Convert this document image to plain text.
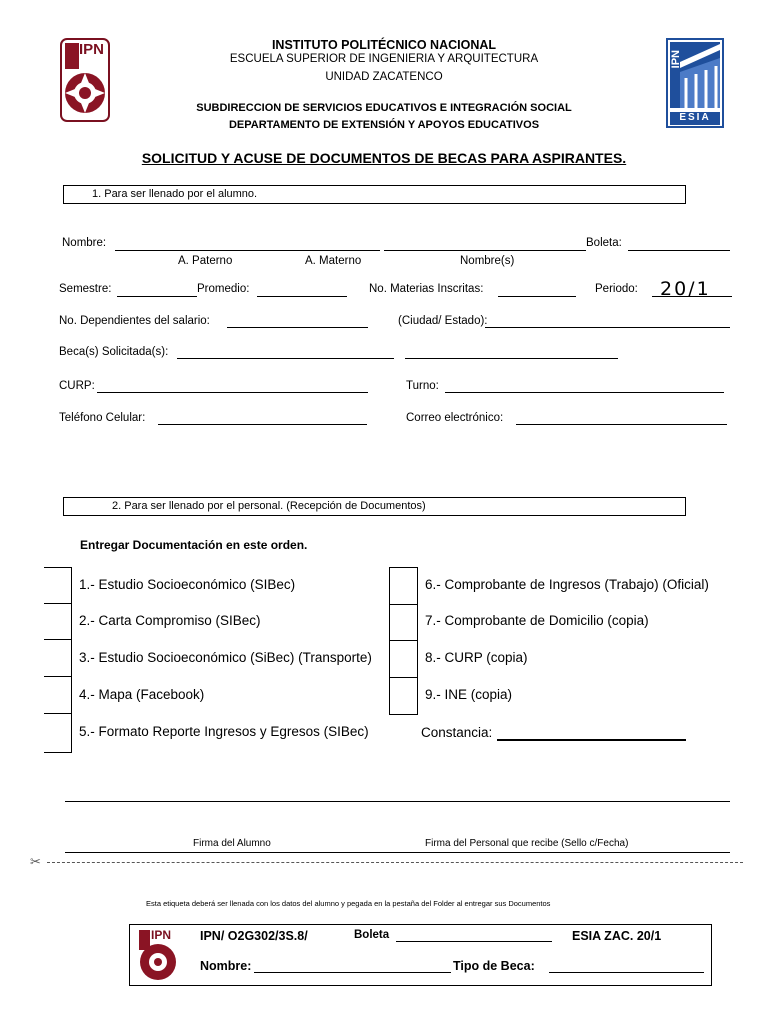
IPN	INSTITUTO POLITÉCNICO NACIONAL
ESCUELA SUPERIOR DE INGENIERIA Y ARQUITECTURA
UNIDAD ZACATENCO
SUBDIRECCION DE SERVICIOS EDUCATIVOS E INTEGRACIÓN SOCIAL
DEPARTAMENTO DE EXTENSIÓN Y APOYOS EDUCATIVOS
IPN
ESIA
SOLICITUD Y ACUSE DE DOCUMENTOS DE BECAS PARA ASPIRANTES.
1. Para ser llenado por el alumno.
Nombre:	Boleta:
A. Paterno	A. Materno	Nombre(s)
Semestre:	Promedio:	No. Materias Inscritas:	Periodo: 20/1
No. Dependientes del salario:	(Ciudad/ Estado):
Beca(s) Solicitada(s):
CURP:	Turno:
Teléfono Celular:	Correo electrónico:
2. Para ser llenado por el personal. (Recepción de Documentos)
Entregar Documentación en este orden.
1.- Estudio Socioeconómico (SIBec)
2.- Carta Compromiso (SIBec)
3.- Estudio Socioeconómico (SiBec) (Transporte)
4.- Mapa (Facebook)
5.- Formato Reporte Ingresos y Egresos (SIBec)
6.- Comprobante de Ingresos (Trabajo) (Oficial)
7.- Comprobante de Domicilio (copia)
8.- CURP (copia)
9.- INE (copia)
Constancia:
Firma del Alumno	Firma del Personal que recibe (Sello c/Fecha)
✂
Esta etiqueta deberá ser llenada con los datos del alumno y pegada en la pestaña del Folder al entregar sus Documentos
IPN IPN/ O2G302/3S.8/	Boleta	ESIA ZAC. 20/1
Nombre:	Tipo de Beca:
